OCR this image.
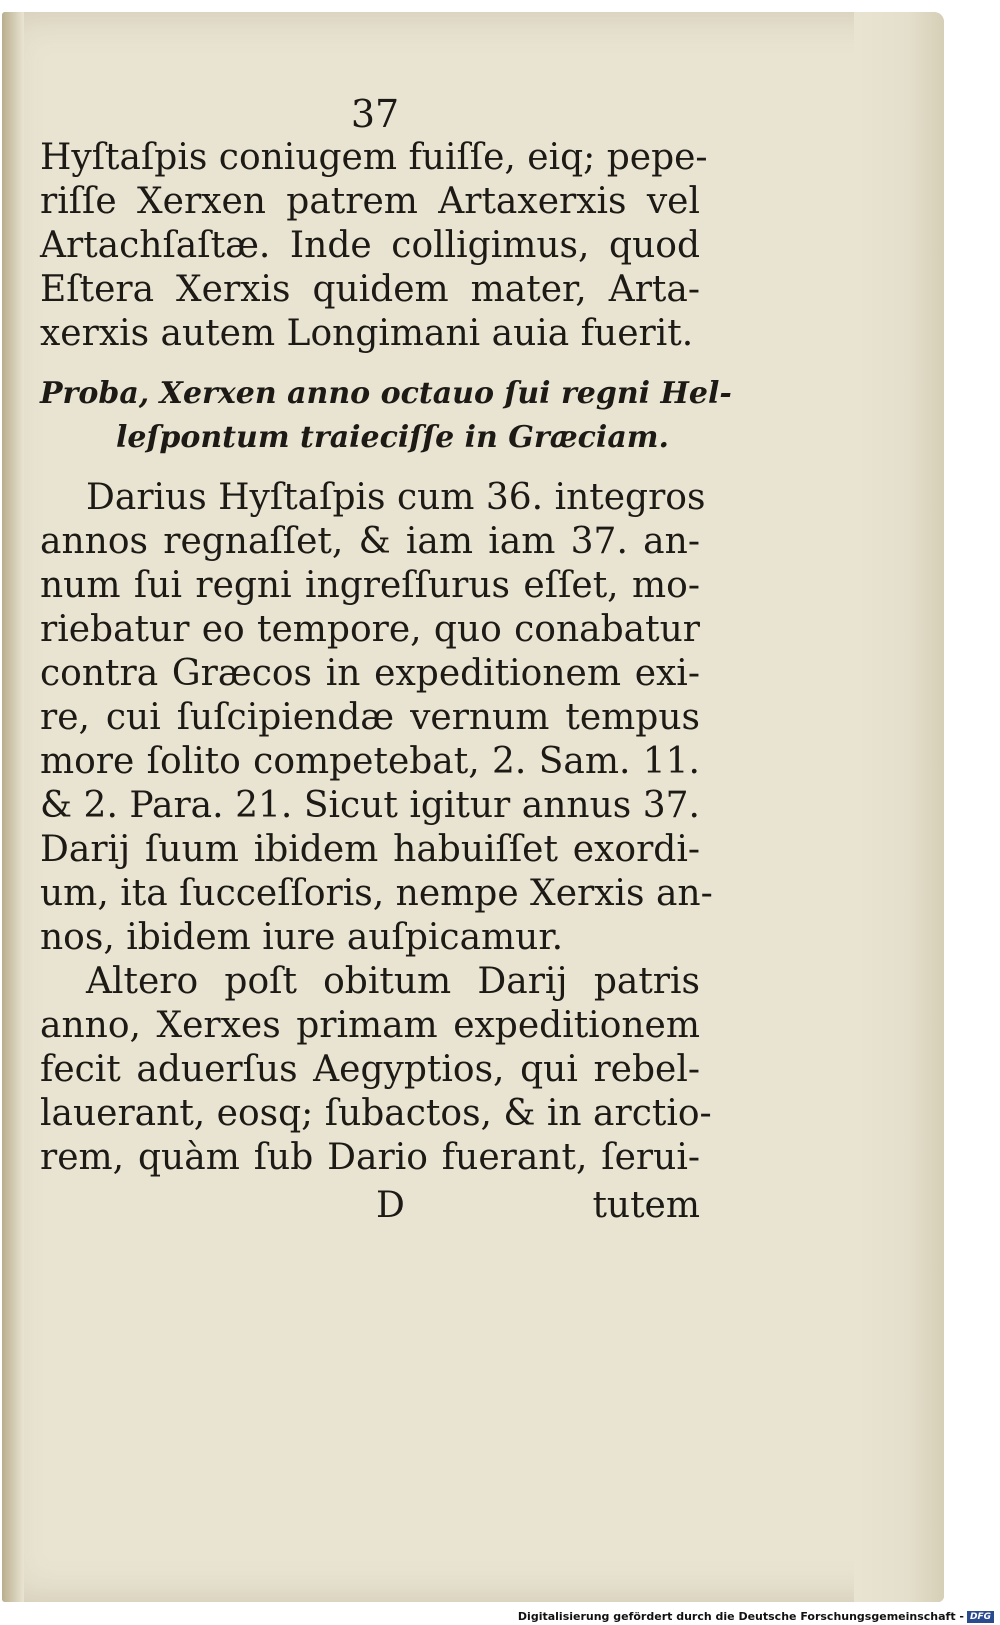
37
Hyſtaſpis coniugem fuiſſe, eiq; pepe-
riſſe Xerxen patrem Artaxerxis vel
Artachſaſtæ. Inde colligimus, quod
Eſtera Xerxis quidem mater, Arta-
xerxis autem Longimani auia fuerit.
Proba, Xerxen anno octauo ſui regni Hel-
leſpontum traieciſſe in Græciam.
Darius Hyſtaſpis cum 36. integros
annos regnaſſet, & iam iam 37. an-
num ſui regni ingreſſurus eſſet, mo-
riebatur eo tempore, quo conabatur
contra Græcos in expeditionem exi-
re, cui ſuſcipiendæ vernum tempus
more ſolito competebat, 2. Sam. 11.
& 2. Para. 21. Sicut igitur annus 37.
Darij ſuum ibidem habuiſſet exordi-
um, ita ſucceſſoris, nempe Xerxis an-
nos, ibidem iure auſpicamur.
Altero poſt obitum Darij patris
anno, Xerxes primam expeditionem
fecit aduerſus Aegyptios, qui rebel-
lauerant, eosq; ſubactos, & in arctio-
rem, quàm ſub Dario fuerant, ſerui-
D	tutem
Digitalisierung gefördert durch die Deutsche Forschungsgemeinschaft - DFG
